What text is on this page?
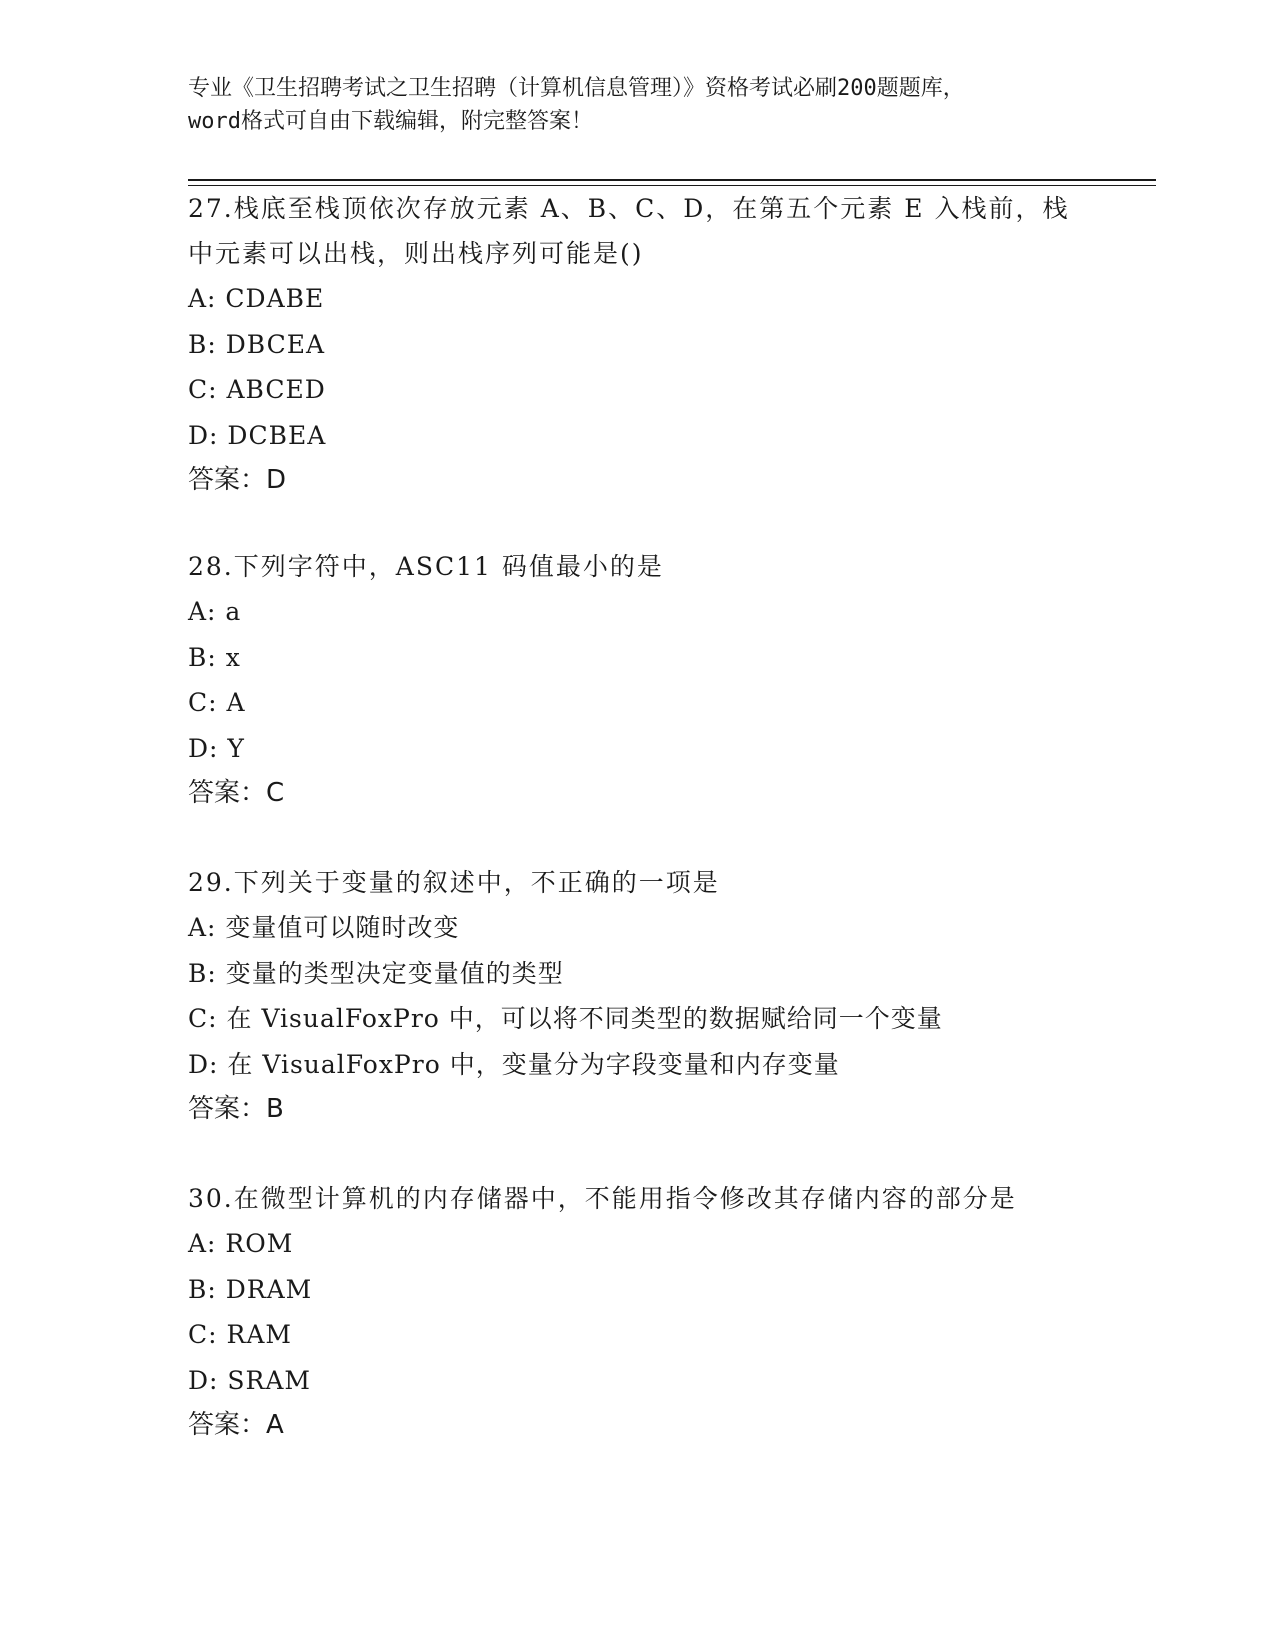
专业《卫生招聘考试之卫生招聘（计算机信息管理）》资格考试必刷200题题库，
word格式可自由下载编辑，附完整答案！

27.栈底至栈顶依次存放元素 A、B、C、D，在第五个元素 E 入栈前，栈

中元素可以出栈，则出栈序列可能是()

A: CDABE

B: DBCEA

C: ABCED

D: DCBEA

答案：D

28.下列字符中，ASC11 码值最小的是

A: a

B: x

C: A

D: Y

答案：C

29.下列关于变量的叙述中，不正确的一项是

A: 变量值可以随时改变

B: 变量的类型决定变量值的类型

C: 在 VisualFoxPro 中，可以将不同类型的数据赋给同一个变量

D: 在 VisualFoxPro 中，变量分为字段变量和内存变量

答案：B

30.在微型计算机的内存储器中，不能用指令修改其存储内容的部分是

A: ROM

B: DRAM

C: RAM

D: SRAM

答案：A
